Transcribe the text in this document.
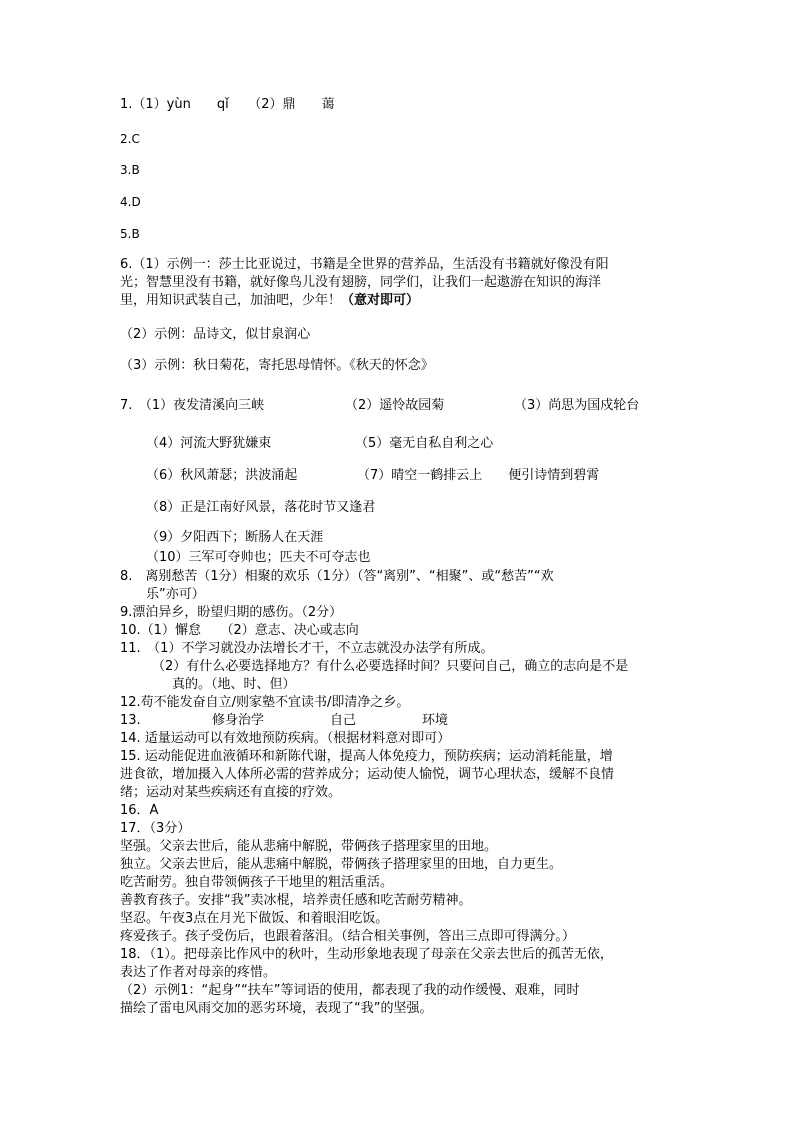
1.（1）yùn　　qǐ　　（2）鼎　　蔼
2.C
3.B
4.D
5.B
6.（1）示例一：莎士比亚说过，书籍是全世界的营养品，生活没有书籍就好像没有阳
光；智慧里没有书籍，就好像鸟儿没有翅膀，同学们，让我们一起遨游在知识的海洋
里，用知识武装自己，加油吧，少年！（意对即可）
（2）示例：品诗文，似甘泉润心
（3）示例：秋日菊花，寄托思母情怀。《秋天的怀念》
7.　（1）夜发清溪向三峡	（2）遥怜故园菊	（3）尚思为国戍轮台
（4）河流大野犹嫌束	（5）毫无自私自利之心
（6）秋风萧瑟；洪波涌起	（7）晴空一鹤排云上　　便引诗情到碧霄
（8）正是江南好风景，落花时节又逢君
（9）夕阳西下；断肠人在天涯
（10）三军可夺帅也；匹夫不可夺志也
8.　离别愁苦（1分）相聚的欢乐（1分）（答“离别”、“相聚”、或“愁苦”“欢
乐”亦可）
9.漂泊异乡，盼望归期的感伤。（2分）
10.（1）懈怠　　（2）意志、决心或志向
11.　（1）不学习就没办法增长才干，不立志就没办法学有所成。
（2）有什么必要选择地方？有什么必要选择时间？只要问自己，确立的志向是不是
真的。（地、时、但）
12.苟不能发奋自立/则家塾不宜读书/即清净之乡。
13.	修身治学	自己	环境
14. 适量运动可以有效地预防疾病。（根据材料意对即可）
15. 运动能促进血液循环和新陈代谢，提高人体免疫力，预防疾病；运动消耗能量，增
进食欲，增加摄入人体所必需的营养成分；运动使人愉悦，调节心理状态，缓解不良情
绪；运动对某些疾病还有直接的疗效。
16．A
17．（3分）
坚强。父亲去世后，能从悲痛中解脱，带俩孩子搭理家里的田地。
独立。父亲去世后，能从悲痛中解脱，带俩孩子搭理家里的田地，自力更生。
吃苦耐劳。独自带领俩孩子干地里的粗活重活。
善教育孩子。安排“我”卖冰棍，培养责任感和吃苦耐劳精神。
坚忍。午夜3点在月光下做饭、和着眼泪吃饭。
疼爱孩子。孩子受伤后，也跟着落泪。（结合相关事例，答出三点即可得满分。）
18．（1）。把母亲比作风中的秋叶，生动形象地表现了母亲在父亲去世后的孤苦无依，
表达了作者对母亲的疼惜。
（2）示例1：“起身”“扶车”等词语的使用，都表现了我的动作缓慢、艰难，同时
描绘了雷电风雨交加的恶劣环境，表现了“我”的坚强。
